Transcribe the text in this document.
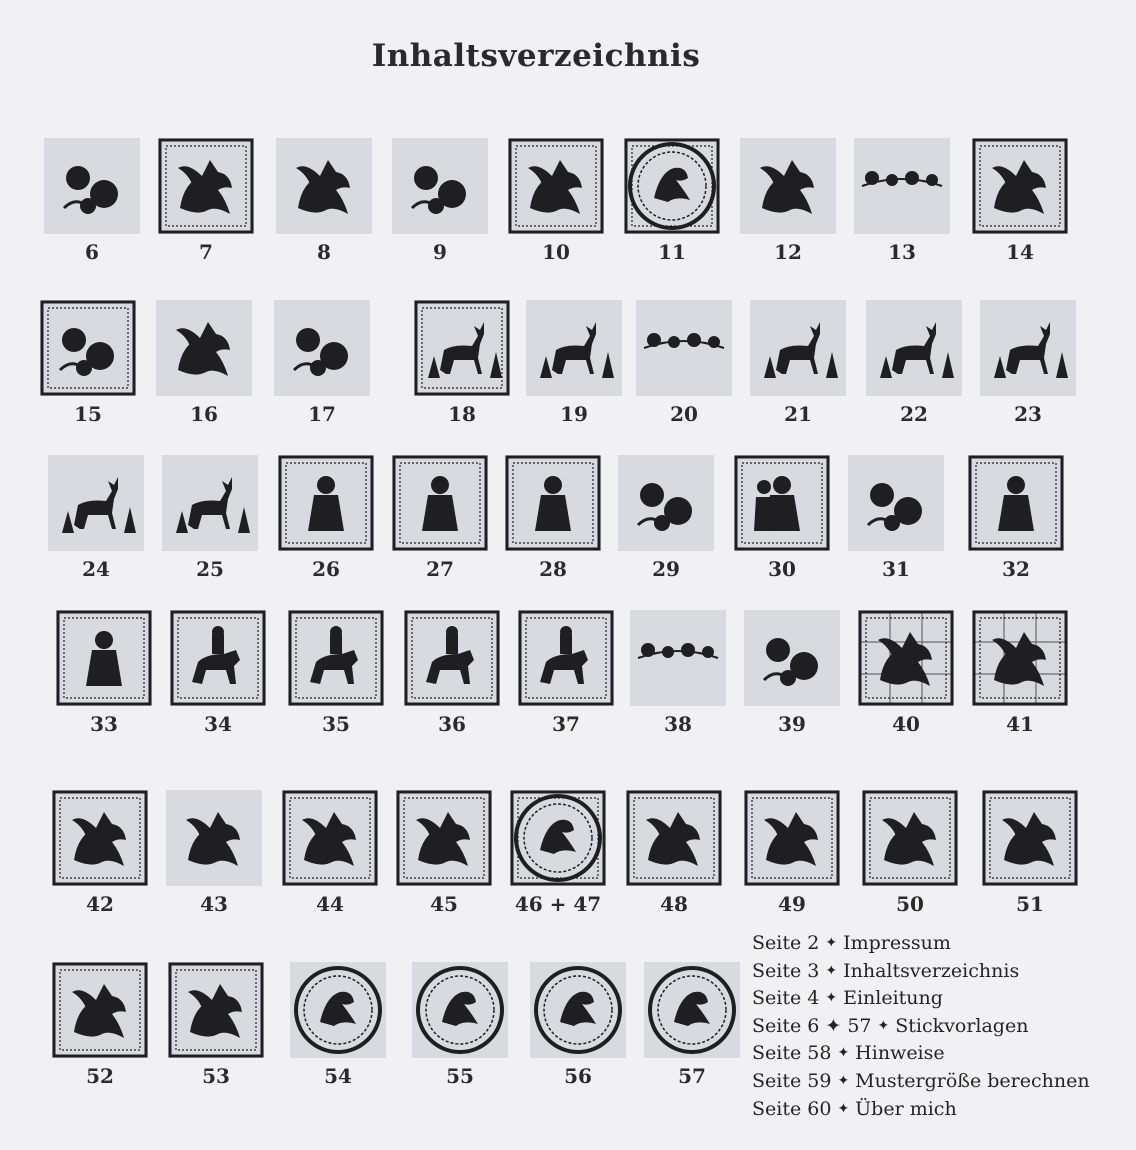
Inhaltsverzeichnis
6	7	8	9	10	11	12	13	14
15	16	17	18	19	20	21	22	23
24	25	26	27	28	29	30	31	32
33	34	35	36	37	38	39	40	41
42	43	44	45	46 + 47	48	49	50	51
52	53	54	55	56	57
Seite 2 ✦ Impressum
Seite 3 ✦ Inhaltsverzeichnis
Seite 4 ✦ Einleitung
Seite 6 ✦ 57 ✦ Stickvorlagen
Seite 58 ✦ Hinweise
Seite 59 ✦ Mustergröße berechnen
Seite 60 ✦ Über mich
